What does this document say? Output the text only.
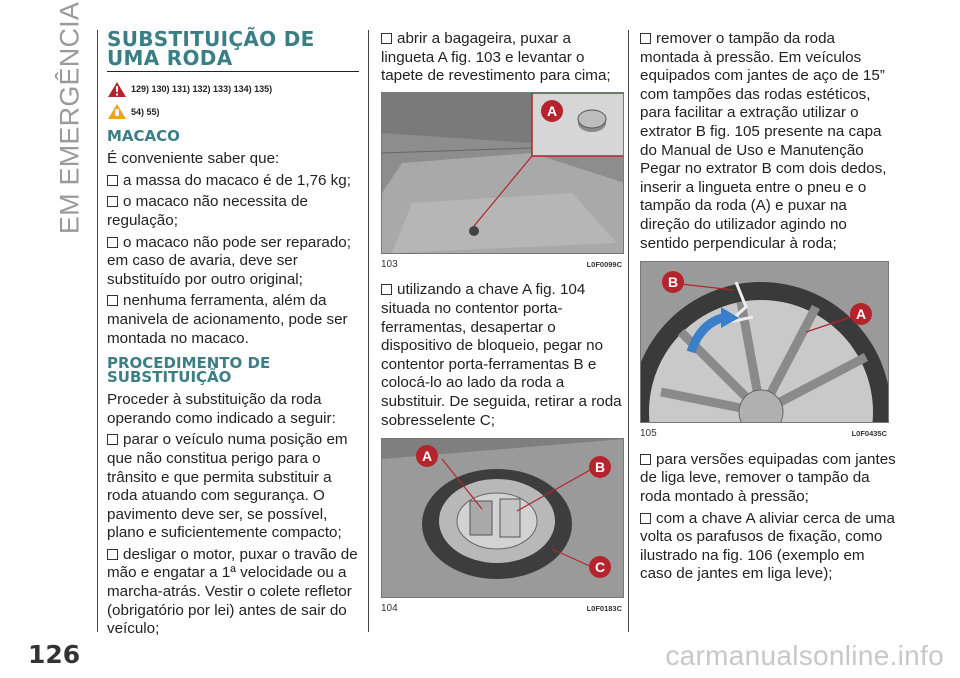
EM EMERGÊNCIA SUBSTITUIÇÃO DE
UMA RODA
129) 130) 131) 132) 133) 134) 135)
54) 55)
MACACO

É conveniente saber que:

a massa do macaco é de 1,76 kg;

o macaco não necessita de regulação;

o macaco não pode ser reparado; em caso de avaria, deve ser substituído por outro original;

nenhuma ferramenta, além da manivela de acionamento, pode ser montada no macaco.

PROCEDIMENTO DE
SUBSTITUIÇÃO

Proceder à substituição da roda operando como indicado a seguir:

parar o veículo numa posição em que não constitua perigo para o trânsito e que permita substituir a roda atuando com segurança. O pavimento deve ser, se possível, plano e suficientemente compacto;

desligar o motor, puxar o travão de mão e engatar a 1ª velocidade ou a marcha-atrás. Vestir o colete refletor (obrigatório por lei) antes de sair do veículo;

abrir a bagageira, puxar a lingueta A fig. 103 e levantar o tapete de revestimento para cima;

A
103	L0F0099C

utilizando a chave A fig. 104 situada no contentor porta-ferramentas, desapertar o dispositivo de bloqueio, pegar no contentor porta-ferramentas B e colocá-lo ao lado da roda a substituir. De seguida, retirar a roda sobresselente C;

A
B
C
104	L0F0183C

remover o tampão da roda montada à pressão. Em veículos equipados com jantes de aço de 15” com tampões das rodas estéticos, para facilitar a extração utilizar o extrator B fig. 105 presente na capa do Manual de Uso e Manutenção Pegar no extrator B com dois dedos, inserir a lingueta entre o pneu e o tampão da roda (A) e puxar na direção do utilizador agindo no sentido perpendicular à roda;

B
A
105	L0F0435C

para versões equipadas com jantes de liga leve, remover o tampão da roda montado à pressão;

com a chave A aliviar cerca de uma volta os parafusos de fixação, como ilustrado na fig. 106 (exemplo em caso de jantes em liga leve);

126	carmanualsonline.info
